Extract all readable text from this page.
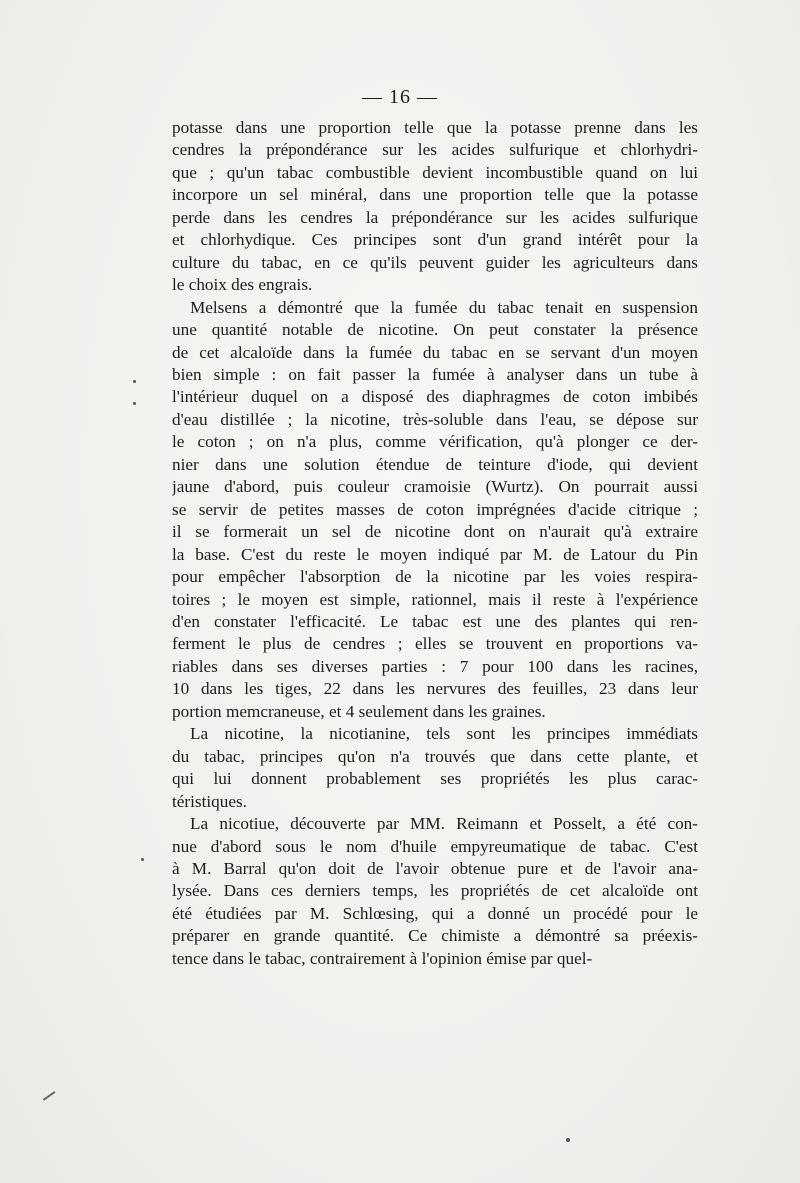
— 16 —
potasse dans une proportion telle que la potasse prenne dans les
cendres la prépondérance sur les acides sulfurique et chlorhydri-
que ; qu'un tabac combustible devient incombustible quand on lui
incorpore un sel minéral, dans une proportion telle que la potasse
perde dans les cendres la prépondérance sur les acides sulfurique
et chlorhydique. Ces principes sont d'un grand intérêt pour la
culture du tabac, en ce qu'ils peuvent guider les agriculteurs dans
le choix des engrais.
Melsens a démontré que la fumée du tabac tenait en suspension
une quantité notable de nicotine. On peut constater la présence
de cet alcaloïde dans la fumée du tabac en se servant d'un moyen
bien simple : on fait passer la fumée à analyser dans un tube à
l'intérieur duquel on a disposé des diaphragmes de coton imbibés
d'eau distillée ; la nicotine, très-soluble dans l'eau, se dépose sur
le coton ; on n'a plus, comme vérification, qu'à plonger ce der-
nier dans une solution étendue de teinture d'iode, qui devient
jaune d'abord, puis couleur cramoisie (Wurtz). On pourrait aussi
se servir de petites masses de coton imprégnées d'acide citrique ;
il se formerait un sel de nicotine dont on n'aurait qu'à extraire
la base. C'est du reste le moyen indiqué par M. de Latour du Pin
pour empêcher l'absorption de la nicotine par les voies respira-
toires ; le moyen est simple, rationnel, mais il reste à l'expérience
d'en constater l'efficacité. Le tabac est une des plantes qui ren-
ferment le plus de cendres ; elles se trouvent en proportions va-
riables dans ses diverses parties : 7 pour 100 dans les racines,
10 dans les tiges, 22 dans les nervures des feuilles, 23 dans leur
portion memcraneuse, et 4 seulement dans les graines.
La nicotine, la nicotianine, tels sont les principes immédiats
du tabac, principes qu'on n'a trouvés que dans cette plante, et
qui lui donnent probablement ses propriétés les plus carac-
téristiques.
La nicotiue, découverte par MM. Reimann et Posselt, a été con-
nue d'abord sous le nom d'huile empyreumatique de tabac. C'est
à M. Barral qu'on doit de l'avoir obtenue pure et de l'avoir ana-
lysée. Dans ces derniers temps, les propriétés de cet alcaloïde ont
été étudiées par M. Schlœsing, qui a donné un procédé pour le
préparer en grande quantité. Ce chimiste a démontré sa préexis-
tence dans le tabac, contrairement à l'opinion émise par quel-
